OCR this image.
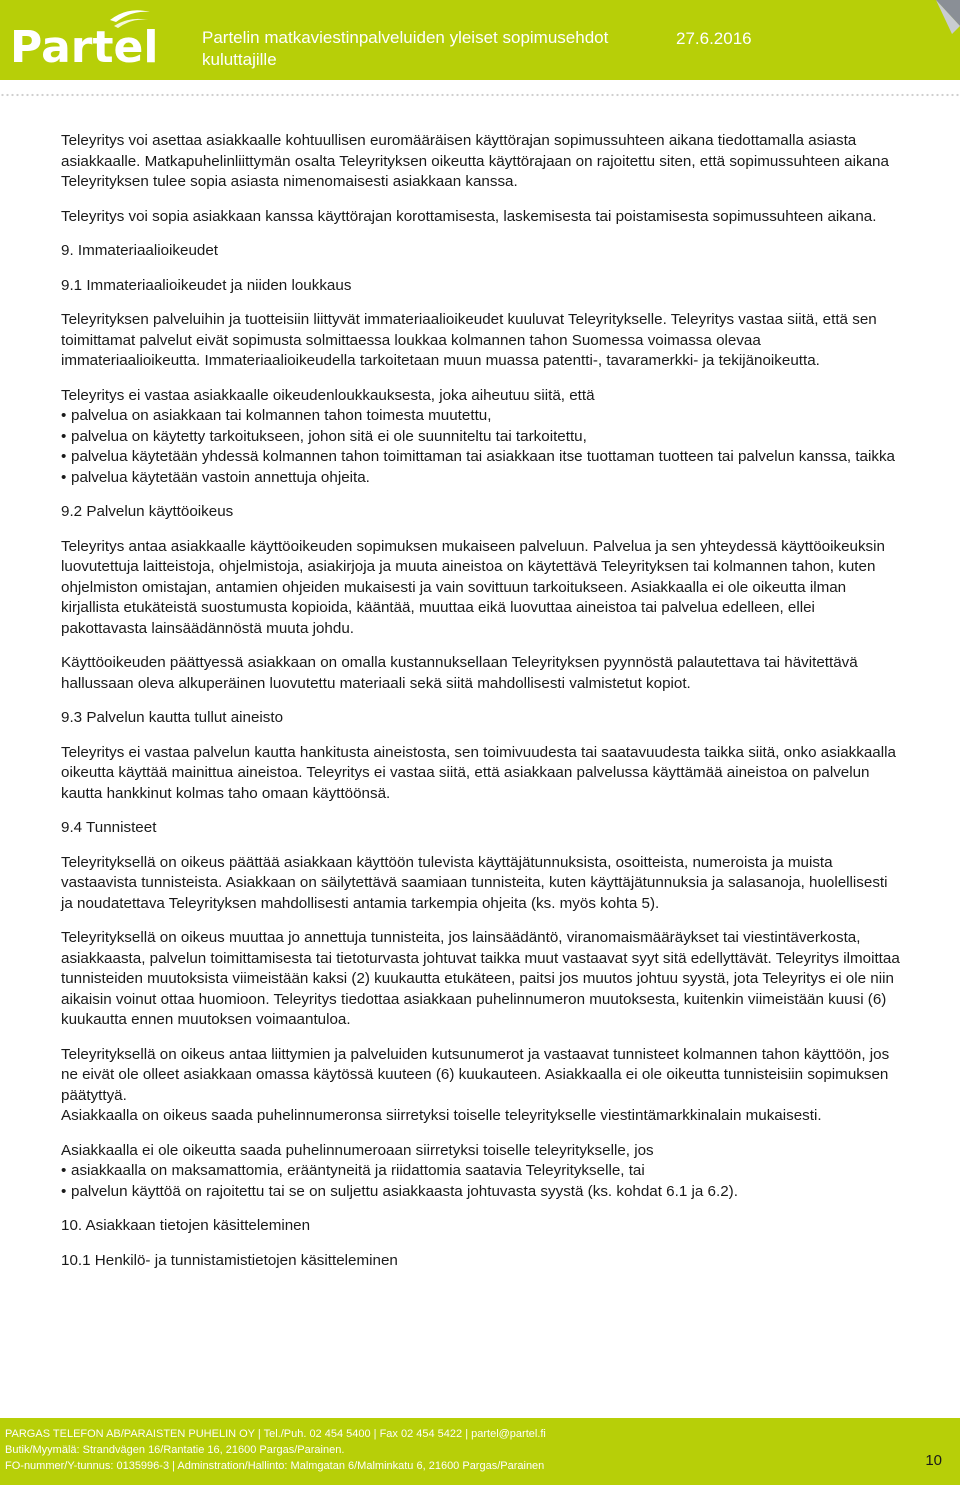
Partel	Partelin matkaviestinpalveluiden yleiset sopimusehdot kuluttajille
27.6.2016

Teleyritys voi asettaa asiakkaalle kohtuullisen euromääräisen käyttörajan sopimussuhteen aikana tiedottamalla asiasta asiakkaalle. Matkapuhelinliittymän osalta Teleyrityksen oikeutta käyttörajaan on rajoitettu siten, että sopimussuhteen aikana Teleyrityksen tulee sopia asiasta nimenomaisesti asiakkaan kanssa.

Teleyritys voi sopia asiakkaan kanssa käyttörajan korottamisesta, laskemisesta tai poistamisesta sopimussuhteen aikana.

9. Immateriaalioikeudet

9.1 Immateriaalioikeudet ja niiden loukkaus

Teleyrityksen palveluihin ja tuotteisiin liittyvät immateriaalioikeudet kuuluvat Teleyritykselle. Teleyritys vastaa siitä, että sen toimittamat palvelut eivät sopimusta solmittaessa loukkaa kolmannen tahon Suomessa voimassa olevaa immateriaalioikeutta. Immateriaalioikeudella tarkoitetaan muun muassa patentti-, tavaramerkki- ja tekijänoikeutta.

Teleyritys ei vastaa asiakkaalle oikeudenloukkauksesta, joka aiheutuu siitä, että

• palvelua on asiakkaan tai kolmannen tahon toimesta muutettu,
• palvelua on käytetty tarkoitukseen, johon sitä ei ole suunniteltu tai tarkoitettu,
• palvelua käytetään yhdessä kolmannen tahon toimittaman tai asiakkaan itse tuottaman tuotteen tai palvelun kanssa, taikka
• palvelua käytetään vastoin annettuja ohjeita.

9.2 Palvelun käyttöoikeus

Teleyritys antaa asiakkaalle käyttöoikeuden sopimuksen mukaiseen palveluun. Palvelua ja sen yhteydessä käyttöoikeuksin luovutettuja laitteistoja, ohjelmistoja, asiakirjoja ja muuta aineistoa on käytettävä Teleyrityksen tai kolmannen tahon, kuten ohjelmiston omistajan, antamien ohjeiden mukaisesti ja vain sovittuun tarkoitukseen. Asiakkaalla ei ole oikeutta ilman kirjallista etukäteistä suostumusta kopioida, kääntää, muuttaa eikä luovuttaa aineistoa tai palvelua edelleen, ellei pakottavasta lainsäädännöstä muuta johdu.

Käyttöoikeuden päättyessä asiakkaan on omalla kustannuksellaan Teleyrityksen pyynnöstä palautettava tai hävitettävä hallussaan oleva alkuperäinen luovutettu materiaali sekä siitä mahdollisesti valmistetut kopiot.

9.3 Palvelun kautta tullut aineisto

Teleyritys ei vastaa palvelun kautta hankitusta aineistosta, sen toimivuudesta tai saatavuudesta taikka siitä, onko asiakkaalla oikeutta käyttää mainittua aineistoa. Teleyritys ei vastaa siitä, että asiakkaan palvelussa käyttämää aineistoa on palvelun kautta hankkinut kolmas taho omaan käyttöönsä.

9.4 Tunnisteet

Teleyrityksellä on oikeus päättää asiakkaan käyttöön tulevista käyttäjätunnuksista, osoitteista, numeroista ja muista vastaavista tunnisteista. Asiakkaan on säilytettävä saamiaan tunnisteita, kuten käyttäjätunnuksia ja salasanoja, huolellisesti ja noudatettava Teleyrityksen mahdollisesti antamia tarkempia ohjeita (ks. myös kohta 5).

Teleyrityksellä on oikeus muuttaa jo annettuja tunnisteita, jos lainsäädäntö, viranomaismääräykset tai viestintäverkosta, asiakkaasta, palvelun toimittamisesta tai tietoturvasta johtuvat taikka muut vastaavat syyt sitä edellyttävät. Teleyritys ilmoittaa tunnisteiden muutoksista viimeistään kaksi (2) kuukautta etukäteen, paitsi jos muutos johtuu syystä, jota Teleyritys ei ole niin aikaisin voinut ottaa huomioon. Teleyritys tiedottaa asiakkaan puhelinnumeron muutoksesta, kuitenkin viimeistään kuusi (6) kuukautta ennen muutoksen voimaantuloa.

Teleyrityksellä on oikeus antaa liittymien ja palveluiden kutsunumerot ja vastaavat tunnisteet kolmannen tahon käyttöön, jos ne eivät ole olleet asiakkaan omassa käytössä kuuteen (6) kuukauteen. Asiakkaalla ei ole oikeutta tunnisteisiin sopimuksen päätyttyä.

Asiakkaalla on oikeus saada puhelinnumeronsa siirretyksi toiselle teleyritykselle viestintämarkkinalain mukaisesti.

Asiakkaalla ei ole oikeutta saada puhelinnumeroaan siirretyksi toiselle teleyritykselle, jos

• asiakkaalla on maksamattomia, erääntyneitä ja riidattomia saatavia Teleyritykselle, tai
• palvelun käyttöä on rajoitettu tai se on suljettu asiakkaasta johtuvasta syystä (ks. kohdat 6.1 ja 6.2).

10. Asiakkaan tietojen käsitteleminen

10.1 Henkilö- ja tunnistamistietojen käsitteleminen

PARGAS TELEFON AB/PARAISTEN PUHELIN OY | Tel./Puh. 02 454 5400 | Fax 02 454 5422 | partel@partel.fi
Butik/Myymälä: Strandvägen 16/Rantatie 16, 21600 Pargas/Parainen.
FO-nummer/Y-tunnus: 0135996-3 | Adminstration/Hallinto: Malmgatan 6/Malminkatu 6, 21600 Pargas/Parainen	10
